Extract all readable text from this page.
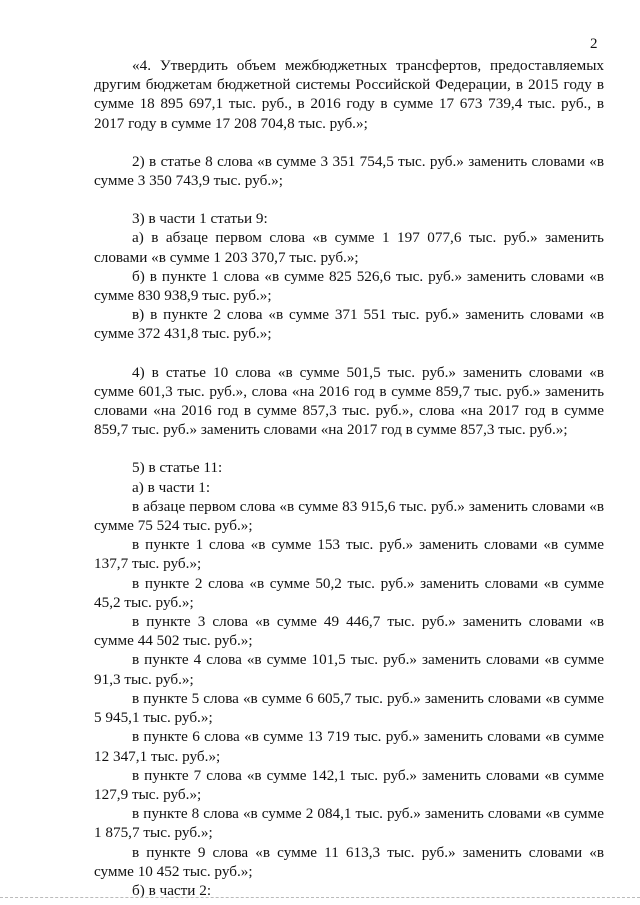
2

«4. Утвердить объем межбюджетных трансфертов, предоставляемых другим бюджетам бюджетной системы Российской Федерации, в 2015 году в сумме 18 895 697,1 тыс. руб., в 2016 году в сумме 17 673 739,4 тыс. руб., в 2017 году в сумме 17 208 704,8 тыс. руб.»;

2) в статье 8 слова «в сумме 3 351 754,5 тыс. руб.» заменить словами «в сумме 3 350 743,9 тыс. руб.»;

3) в части 1 статьи 9:

а) в абзаце первом слова «в сумме 1 197 077,6 тыс. руб.» заменить словами «в сумме 1 203 370,7 тыс. руб.»;

б) в пункте 1 слова «в сумме 825 526,6 тыс. руб.» заменить словами «в сумме 830 938,9 тыс. руб.»;

в) в пункте 2 слова «в сумме 371 551 тыс. руб.» заменить словами «в сумме 372 431,8 тыс. руб.»;

4) в статье 10 слова «в сумме 501,5 тыс. руб.» заменить словами «в сумме 601,3 тыс. руб.», слова «на 2016 год в сумме 859,7 тыс. руб.» заменить словами «на 2016 год в сумме 857,3 тыс. руб.», слова «на 2017 год в сумме 859,7 тыс. руб.» заменить словами «на 2017 год в сумме 857,3 тыс. руб.»;

5) в статье 11:

а) в части 1:

в абзаце первом слова «в сумме 83 915,6 тыс. руб.» заменить словами «в сумме 75 524 тыс. руб.»;

в пункте 1 слова «в сумме 153 тыс. руб.» заменить словами «в сумме 137,7 тыс. руб.»;

в пункте 2 слова «в сумме 50,2 тыс. руб.» заменить словами «в сумме 45,2 тыс. руб.»;

в пункте 3 слова «в сумме 49 446,7 тыс. руб.» заменить словами «в сумме 44 502 тыс. руб.»;

в пункте 4 слова «в сумме 101,5 тыс. руб.» заменить словами «в сумме 91,3 тыс. руб.»;

в пункте 5 слова «в сумме 6 605,7 тыс. руб.» заменить словами «в сумме 5 945,1 тыс. руб.»;

в пункте 6 слова «в сумме 13 719 тыс. руб.» заменить словами «в сумме 12 347,1 тыс. руб.»;

в пункте 7 слова «в сумме 142,1 тыс. руб.» заменить словами «в сумме 127,9 тыс. руб.»;

в пункте 8 слова «в сумме 2 084,1 тыс. руб.» заменить словами «в сумме 1 875,7 тыс. руб.»;

в пункте 9 слова «в сумме 11 613,3 тыс. руб.» заменить словами «в сумме 10 452 тыс. руб.»;

б) в части 2:
